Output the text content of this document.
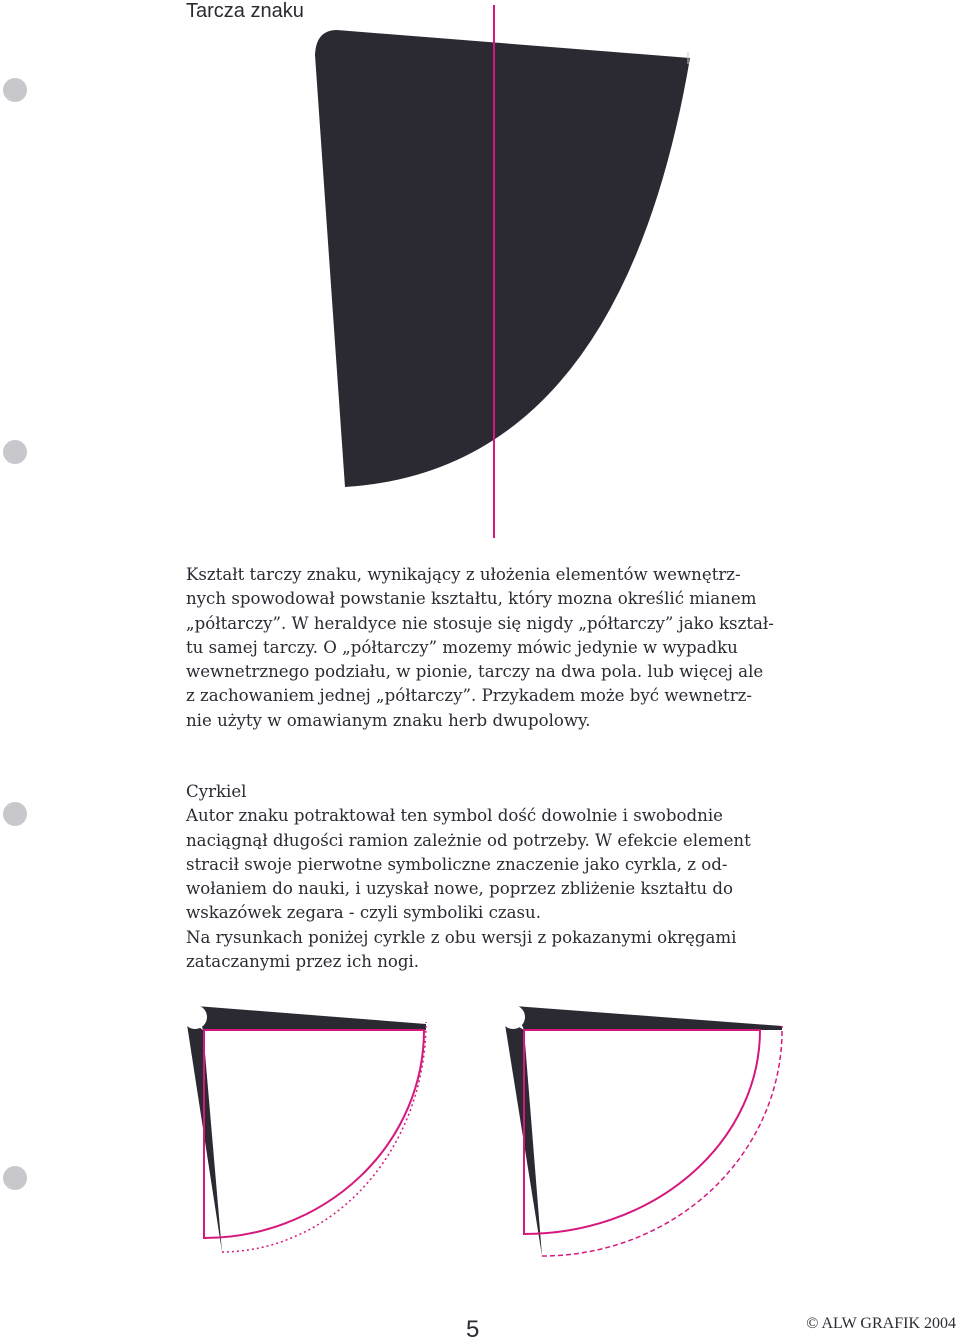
Tarcza znaku
Kształt tarczy znaku, wynikający z ułożenia elementów wewnętrz-
nych spowodował powstanie kształtu, który mozna określić mianem
„półtarczy”. W heraldyce nie stosuje się nigdy „półtarczy” jako kształ-
tu samej tarczy. O „półtarczy” mozemy mówic jedynie w wypadku
wewnetrznego podziału, w pionie, tarczy na dwa pola. lub więcej ale
z zachowaniem jednej „półtarczy”. Przykadem może być wewnetrz-
nie użyty w omawianym znaku herb dwupolowy.
Cyrkiel
Autor znaku potraktował ten symbol dość dowolnie i swobodnie
naciągnął długości ramion zależnie od potrzeby. W efekcie element
stracił swoje pierwotne symboliczne znaczenie jako cyrkla, z od-
wołaniem do nauki, i uzyskał nowe, poprzez zbliżenie kształtu do
wskazówek zegara - czyli symboliki czasu.
Na rysunkach poniżej cyrkle z obu wersji z pokazanymi okręgami
zataczanymi przez ich nogi.
5	© ALW GRAFIK 2004
